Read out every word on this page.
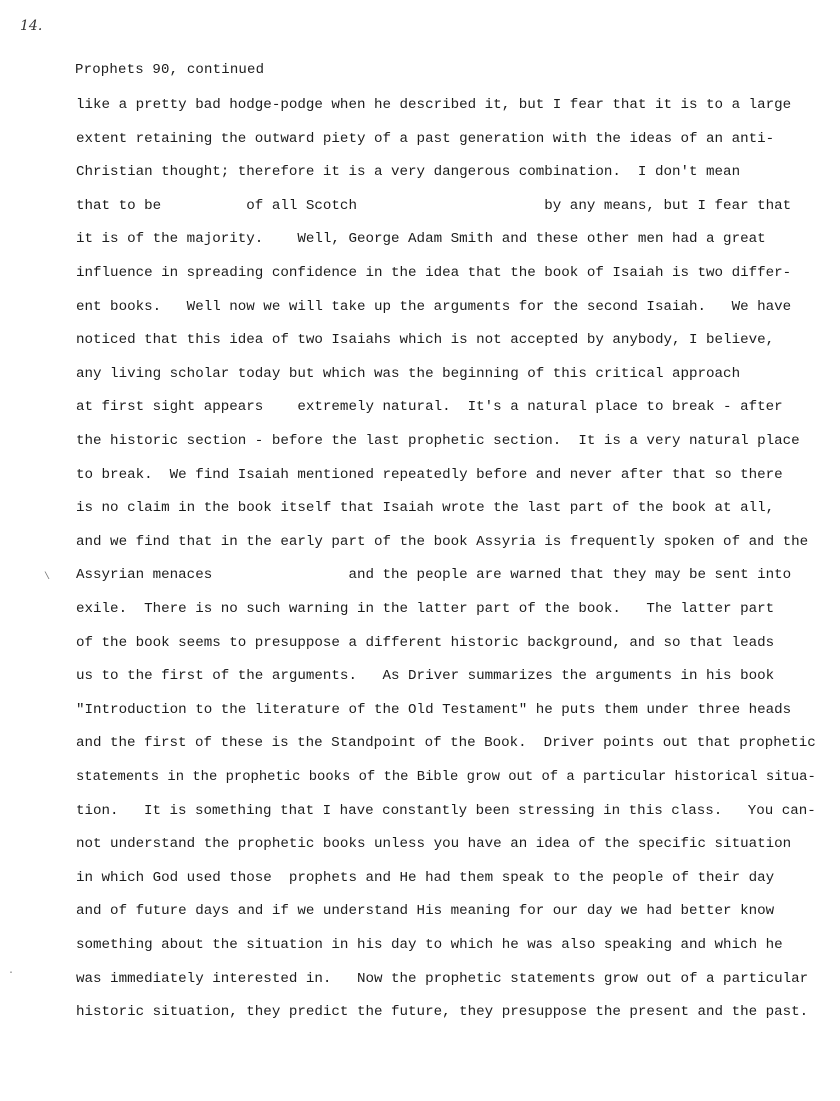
14.
Prophets 90, continued
\
·
like a pretty bad hodge-podge when he described it, but I fear that it is to a large
extent retaining the outward piety of a past generation with the ideas of an anti-
Christian thought; therefore it is a very dangerous combination.  I don't mean
that to be          of all Scotch                      by any means, but I fear that
it is of the majority.    Well, George Adam Smith and these other men had a great
influence in spreading confidence in the idea that the book of Isaiah is two differ-
ent books.   Well now we will take up the arguments for the second Isaiah.   We have
noticed that this idea of two Isaiahs which is not accepted by anybody, I believe,
any living scholar today but which was the beginning of this critical approach
at first sight appears    extremely natural.  It's a natural place to break - after
the historic section - before the last prophetic section.  It is a very natural place
to break.  We find Isaiah mentioned repeatedly before and never after that so there
is no claim in the book itself that Isaiah wrote the last part of the book at all,
and we find that in the early part of the book Assyria is frequently spoken of and the
Assyrian menaces                and the people are warned that they may be sent into
exile.  There is no such warning in the latter part of the book.   The latter part
of the book seems to presuppose a different historic background, and so that leads
us to the first of the arguments.   As Driver summarizes the arguments in his book
"Introduction to the literature of the Old Testament" he puts them under three heads
and the first of these is the Standpoint of the Book.  Driver points out that prophetic
statements in the prophetic books of the Bible grow out of a particular historical situa-
tion.   It is something that I have constantly been stressing in this class.   You can-
not understand the prophetic books unless you have an idea of the specific situation
in which God used those  prophets and He had them speak to the people of their day
and of future days and if we understand His meaning for our day we had better know
something about the situation in his day to which he was also speaking and which he
was immediately interested in.   Now the prophetic statements grow out of a particular
historic situation, they predict the future, they presuppose the present and the past.
